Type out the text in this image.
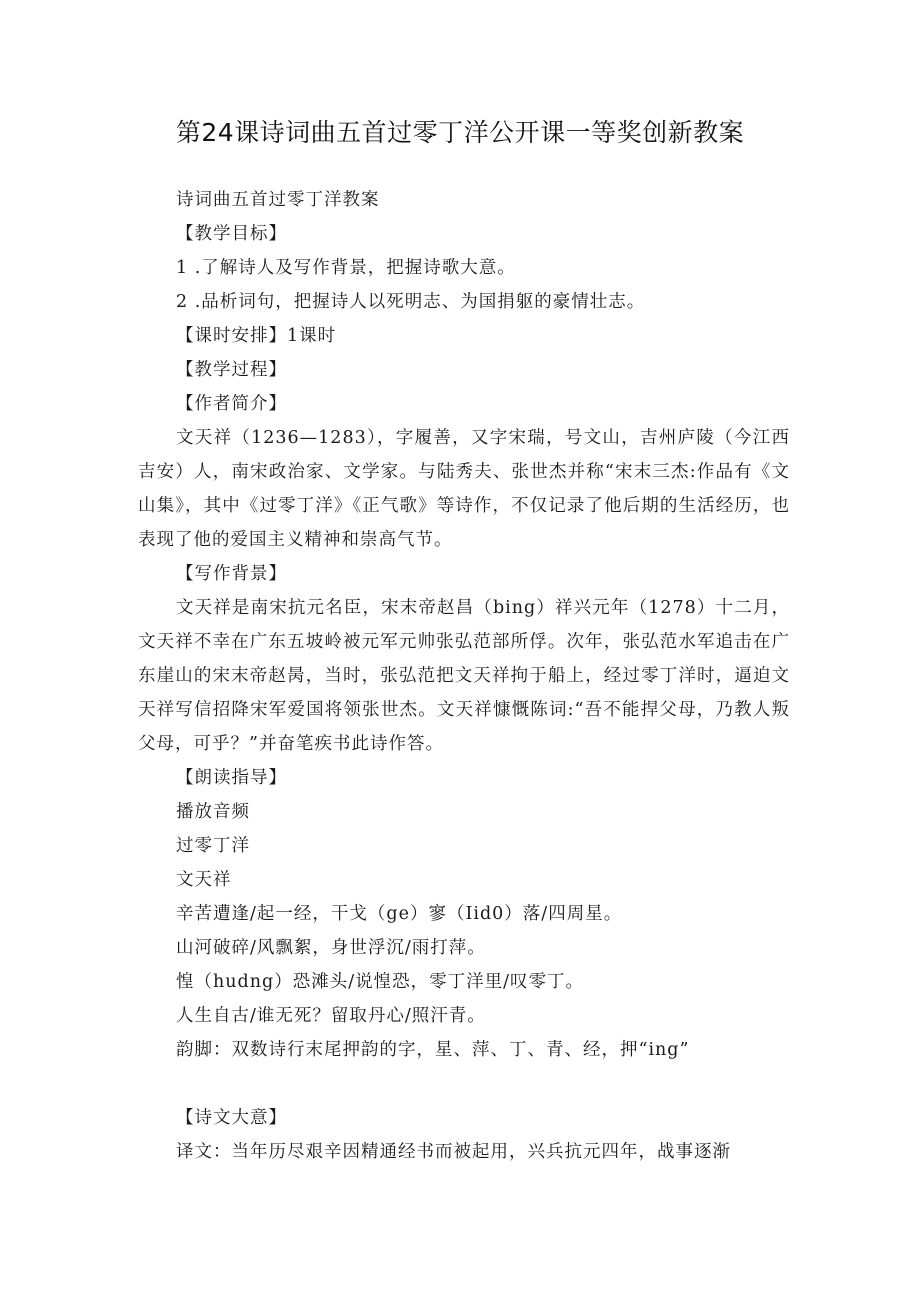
第24课诗词曲五首过零丁洋公开课一等奖创新教案
诗词曲五首过零丁洋教案
【教学目标】
1 .了解诗人及写作背景，把握诗歌大意。
2 .品析词句，把握诗人以死明志、为国捐躯的豪情壮志。
【课时安排】1课时
【教学过程】
【作者简介】
文天祥（1236—1283），字履善，又字宋瑞，号文山，吉州庐陵（今江西吉安）人，南宋政治家、文学家。与陆秀夫、张世杰并称“宋末三杰:作品有《文山集》，其中《过零丁洋》《正气歌》等诗作，不仅记录了他后期的生活经历，也表现了他的爱国主义精神和崇高气节。
【写作背景】
文天祥是南宋抗元名臣，宋末帝赵昌（bing）祥兴元年（1278）十二月，文天祥不幸在广东五坡岭被元军元帅张弘范部所俘。次年，张弘范水军追击在广东崖山的宋末帝赵昺，当时，张弘范把文天祥拘于船上，经过零丁洋时，逼迫文天祥写信招降宋军爱国将领张世杰。文天祥慷慨陈词:“吾不能捍父母，乃教人叛父母，可乎？”并奋笔疾书此诗作答。
【朗读指导】
播放音频
过零丁洋
文天祥
辛苦遭逢/起一经，干戈（ge）寥（Iid0）落/四周星。
山河破碎/风飘絮，身世浮沉/雨打萍。
惶（hudng）恐滩头/说惶恐，零丁洋里/叹零丁。
人生自古/谁无死？留取丹心/照汗青。
韵脚：双数诗行末尾押韵的字，星、萍、丁、青、经，押“ing”
【诗文大意】
译文：当年历尽艰辛因精通经书而被起用，兴兵抗元四年，战事逐渐
